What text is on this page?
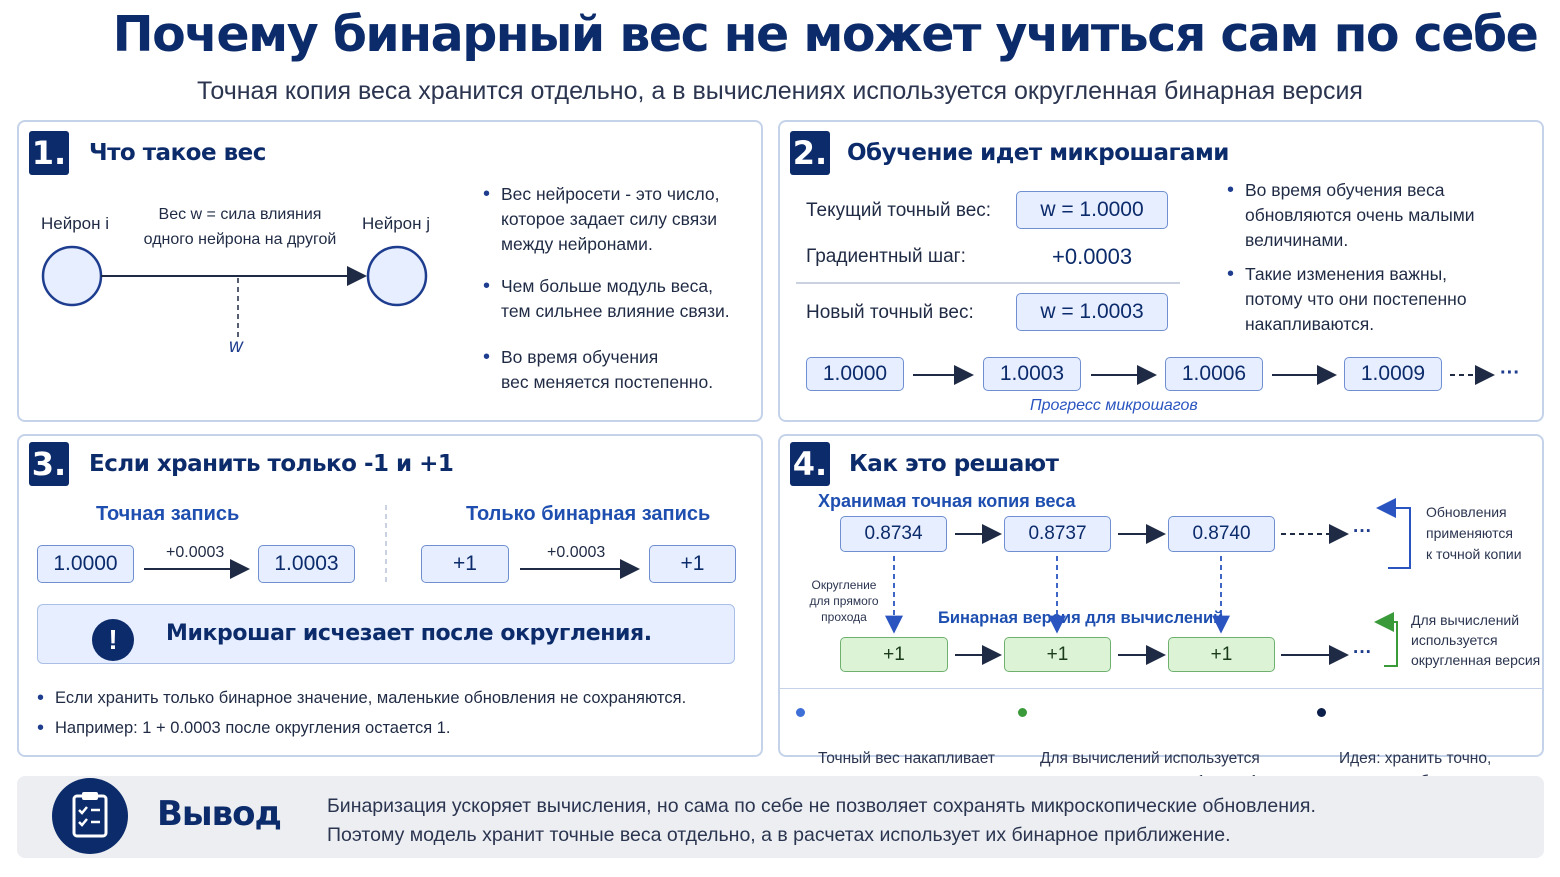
Почему бинарный вес не может учиться сам по себе
Точная копия веса хранится отдельно, а в вычислениях используется округленная бинарная версия
1. Что такое вес
Нейрон i	Нейрон j
Вес w = сила влияния
одного нейрона на другой
w
• Вес нейросети - это число,
которое задает силу связи
между нейронами.
• Чем больше модуль веса,
тем сильнее влияние связи.
• Во время обучения
вес меняется постепенно.
2. Обучение идет микрошагами
Текущий точный вес:	w = 1.0000
Градиентный шаг:	+0.0003
Новый точный вес:	w = 1.0003
• Во время обучения веса
обновляются очень малыми
величинами.
• Такие изменения важны,
потому что они постепенно
накапливаются.
1.0000	1.0003	1.0006	1.0009	···
Прогресс микрошагов
3. Если хранить только -1 и +1
Точная запись	Только бинарная запись
1.0000	+0.0003	1.0003	+1	+0.0003	+1
!	Микрошаг исчезает после округления.
• Если хранить только бинарное значение, маленькие обновления не сохраняются.
• Например: 1 + 0.0003 после округления остается 1.
4. Как это решают
Хранимая точная копия веса
0.8734	0.8737	0.8740	···
Округление
для прямого
прохода	Бинарная версия для вычислений
+1	+1	+1	···
Обновления
применяются
к точной копии
Для вычислений
используется
округленная версия

Точный вес накапливает	Для вычислений используется	Идея: хранить точно,

Вывод Бинаризация ускоряет вычисления, но сама по себе не позволяет сохранять микроскопические обновления.
Поэтому модель хранит точные веса отдельно, а в расчетах использует их бинарное приближение.
